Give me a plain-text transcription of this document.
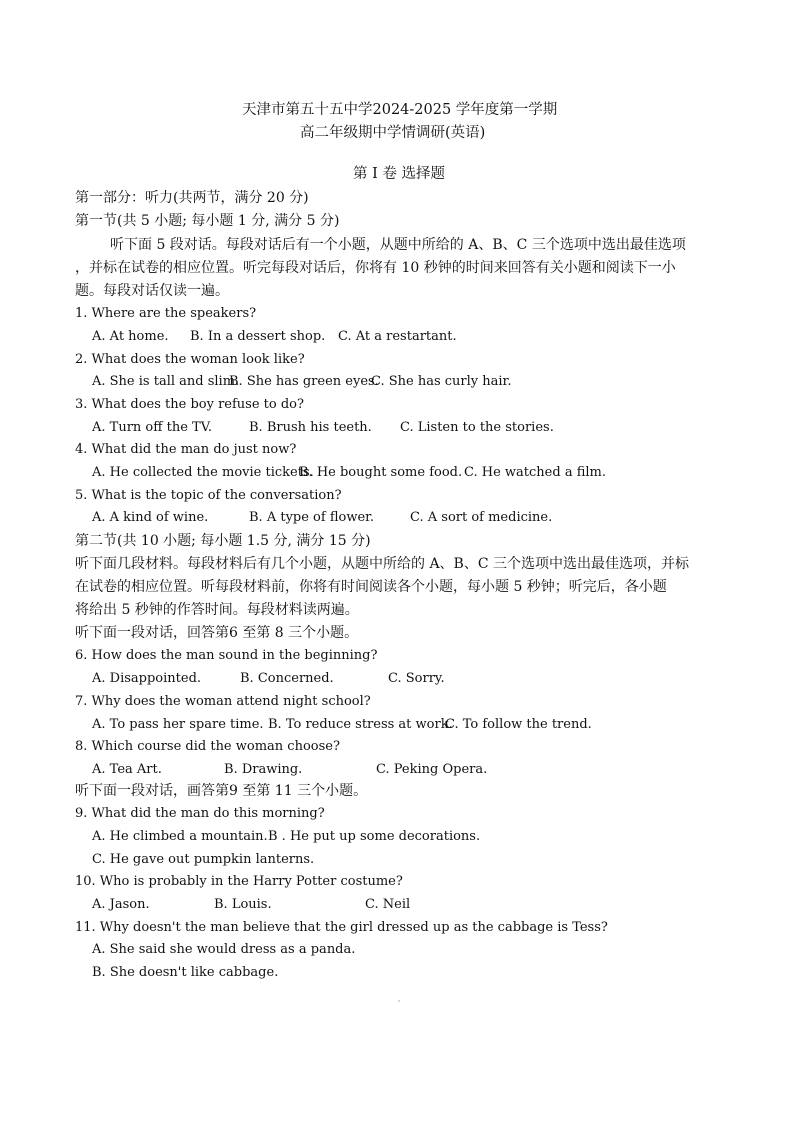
天津市第五十五中学2024-2025 学年度第一学期
高二年级期中学情调研(英语)
第 I 卷 选择题
第一部分：听力(共两节，满分 20 分)
第一节(共 5 小题; 每小题 1 分, 满分 5 分)
听下面 5 段对话。每段对话后有一个小题，从题中所给的 A、B、C 三个选项中选出最佳选项
，并标在试卷的相应位置。听完每段对话后，你将有 10 秒钟的时间来回答有关小题和阅读下一小
题。每段对话仅读一遍。
1. Where are the speakers?
A. At home. B. In a dessert shop. C. At a restartant.
2. What does the woman look like?
A. She is tall and slim.
B. She has green eyes.
C. She has curly hair.
3. What does the boy refuse to do?
A. Turn off the TV.	B. Brush his teeth. C. Listen to the stories.
4. What did the man do just now?
A. He collected the movie tickets.
B. He bought some food. C. He watched a film.
5. What is the topic of the conversation?
A. A kind of wine.	B. A type of flower.	C. A sort of medicine.
第二节(共 10 小题; 每小题 1.5 分, 满分 15 分)
听下面几段材料。每段材料后有几个小题，从题中所给的 A、B、C 三个选项中选出最佳选项，并标
在试卷的相应位置。听每段材料前，你将有时间阅读各个小题，每小题 5 秒钟；听完后，各小题
将给出 5 秒钟的作答时间。每段材料读两遍。
听下面一段对话，回答第6 至第 8 三个小题。
6. How does the man sound in the beginning?
A. Disappointed.	B. Concerned.	C. Sorry.
7. Why does the woman attend night school?
A. To pass her spare time. B. To reduce stress at work.
C. To follow the trend.
8. Which course did the woman choose?
A. Tea Art.	B. Drawing.	C. Peking Opera.
听下面一段对话，画答第9 至第 11 三个小题。
9. What did the man do this morning?
A. He climbed a mountain. B . He put up some decorations.
C. He gave out pumpkin lanterns.
10. Who is probably in the Harry Potter costume?
A. Jason.	B. Louis.	C. Neil
11. Why doesn't the man believe that the girl dressed up as the cabbage is Tess?
A. She said she would dress as a panda.
B. She doesn't like cabbage.
